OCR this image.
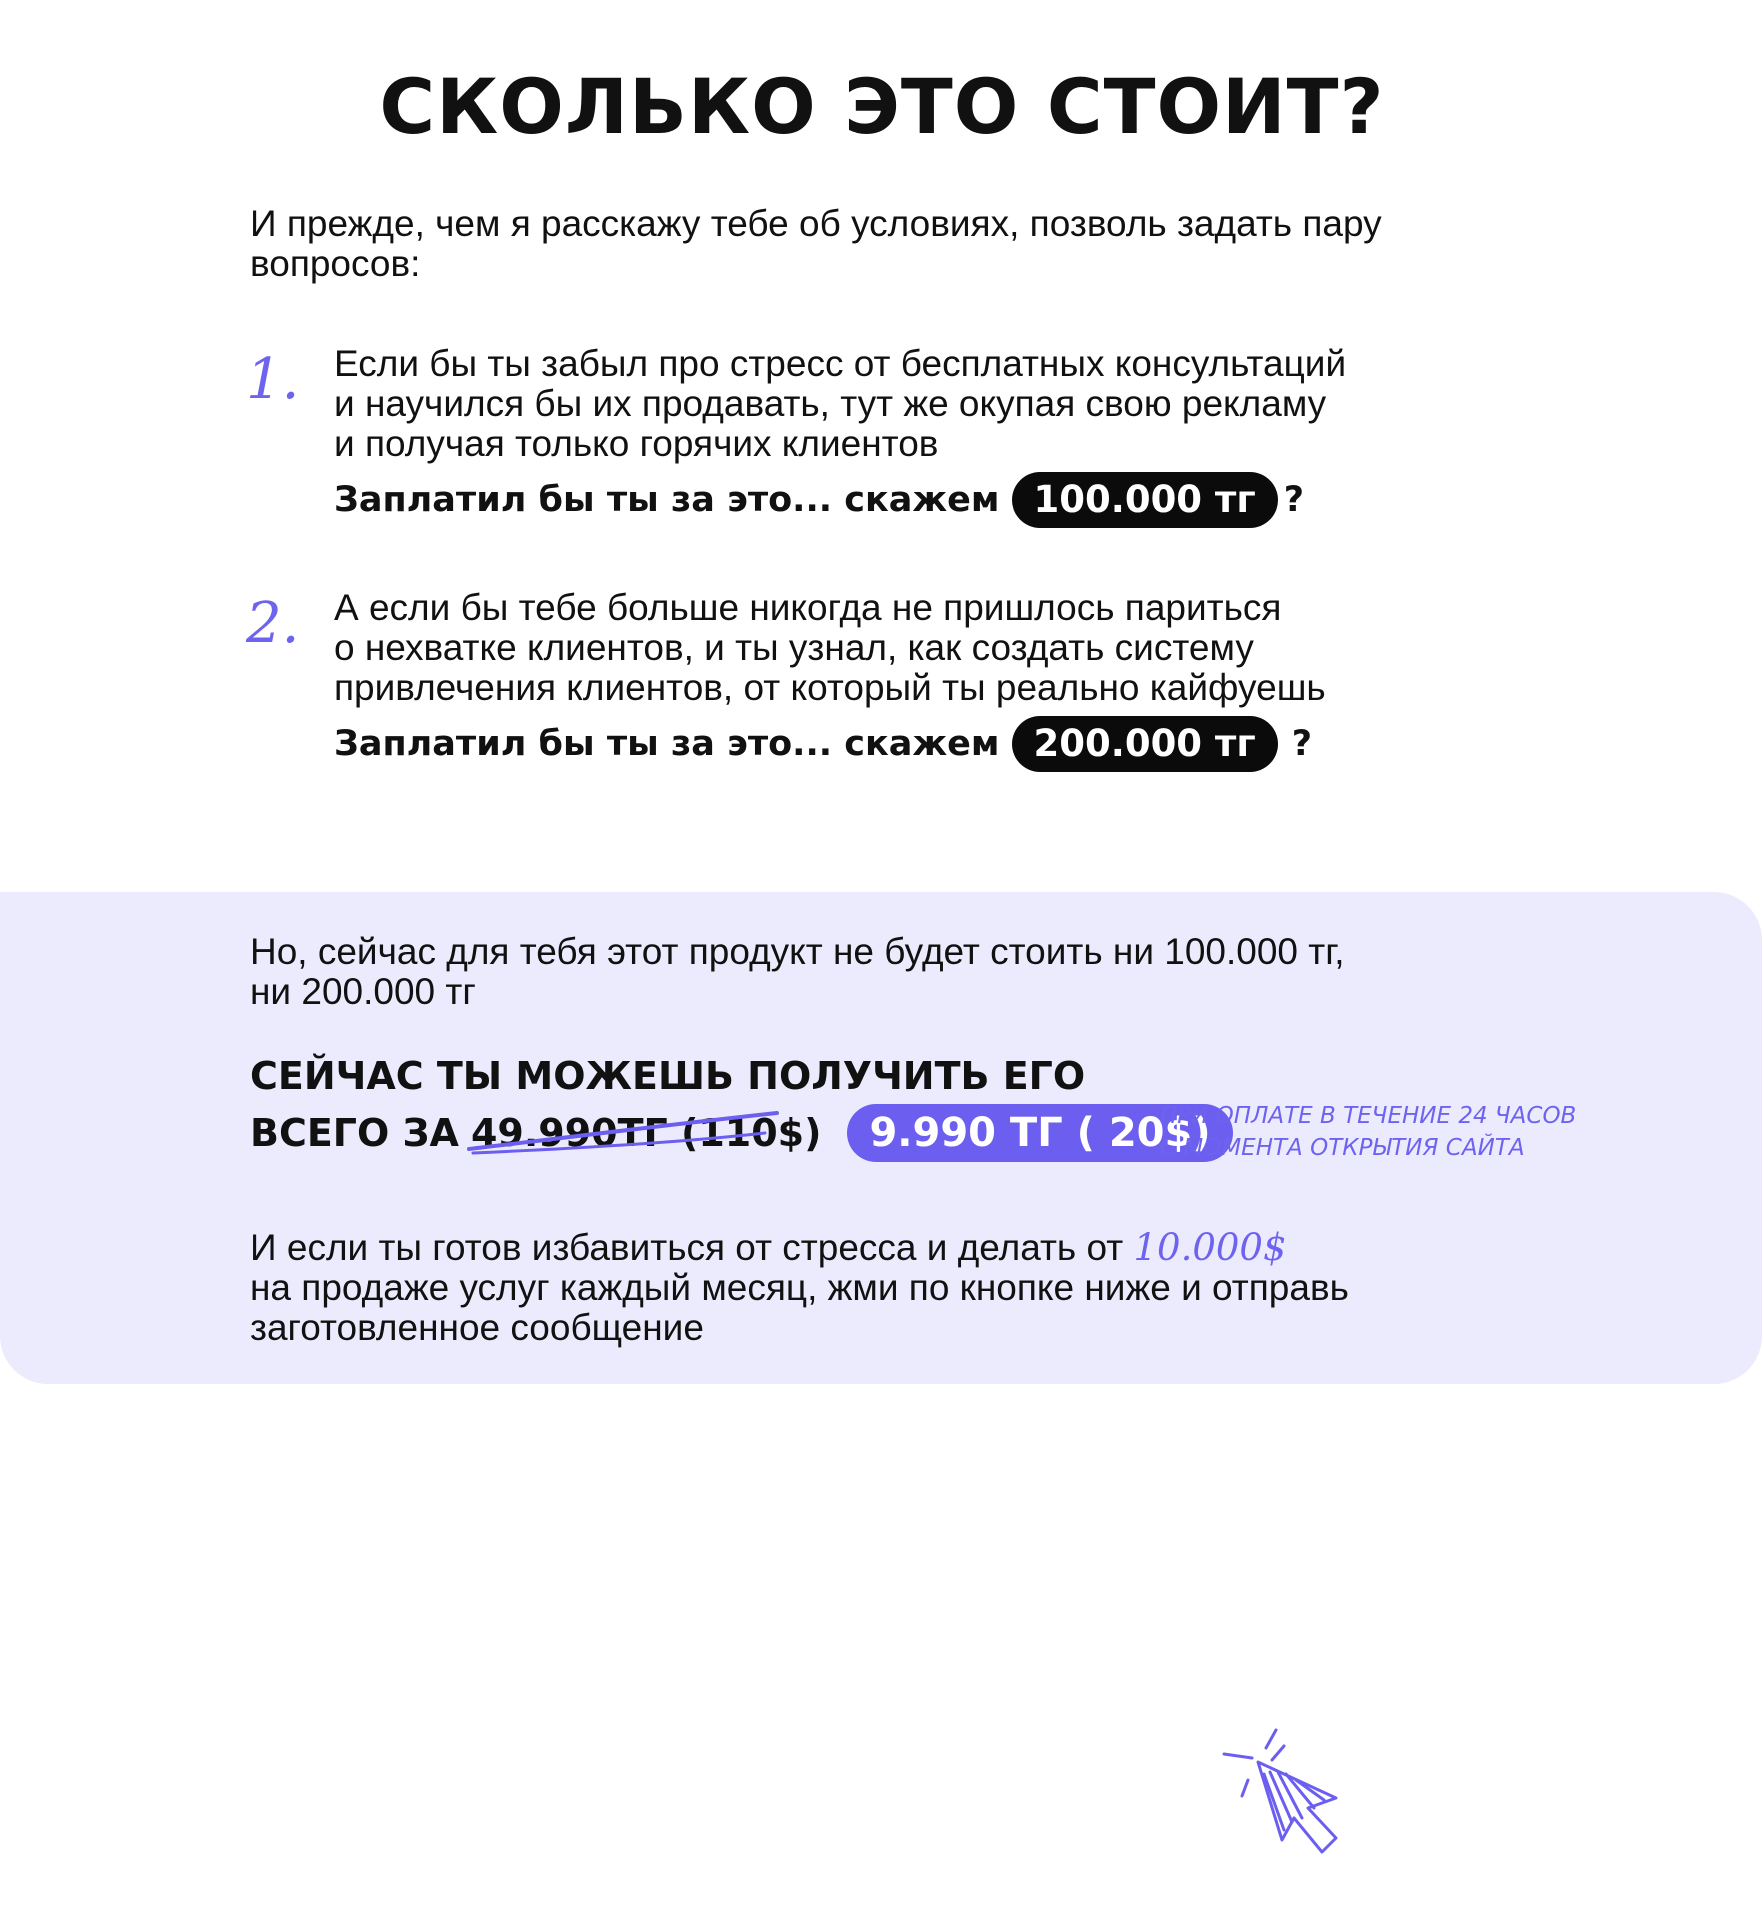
СКОЛЬКО ЭТО СТОИТ?

И прежде, чем я расскажу тебе об условиях, позволь задать пару вопросов:

1. Если бы ты забыл про стресс от бесплатных консультаций
и научился бы их продавать, тут же окупая свою рекламу
и получая только горячих клиентов

Заплатил бы ты за это... скажем 100.000 тг ?
2. А если бы тебе больше никогда не пришлось париться
о нехватке клиентов, и ты узнал, как создать систему
привлечения клиентов, от который ты реально кайфуешь

Заплатил бы ты за это... скажем 200.000 тг	?

Но, сейчас для тебя этот продукт не будет стоить ни 100.000 тг,
ни 200.000 тг

СЕЙЧАС ТЫ МОЖЕШЬ ПОЛУЧИТЬ ЕГО
ВСЕГО ЗА 49.990ТГ (110$)	9.990 ТГ ( 20$)

ПРИ ОПЛАТЕ В ТЕЧЕНИЕ 24 ЧАСОВ
С МОМЕНТА ОТКРЫТИЯ САЙТА

И если ты готов избавиться от стресса и делать от 10.000$
на продаже услуг каждый месяц, жми по кнопке ниже и отправь
заготовленное сообщение
